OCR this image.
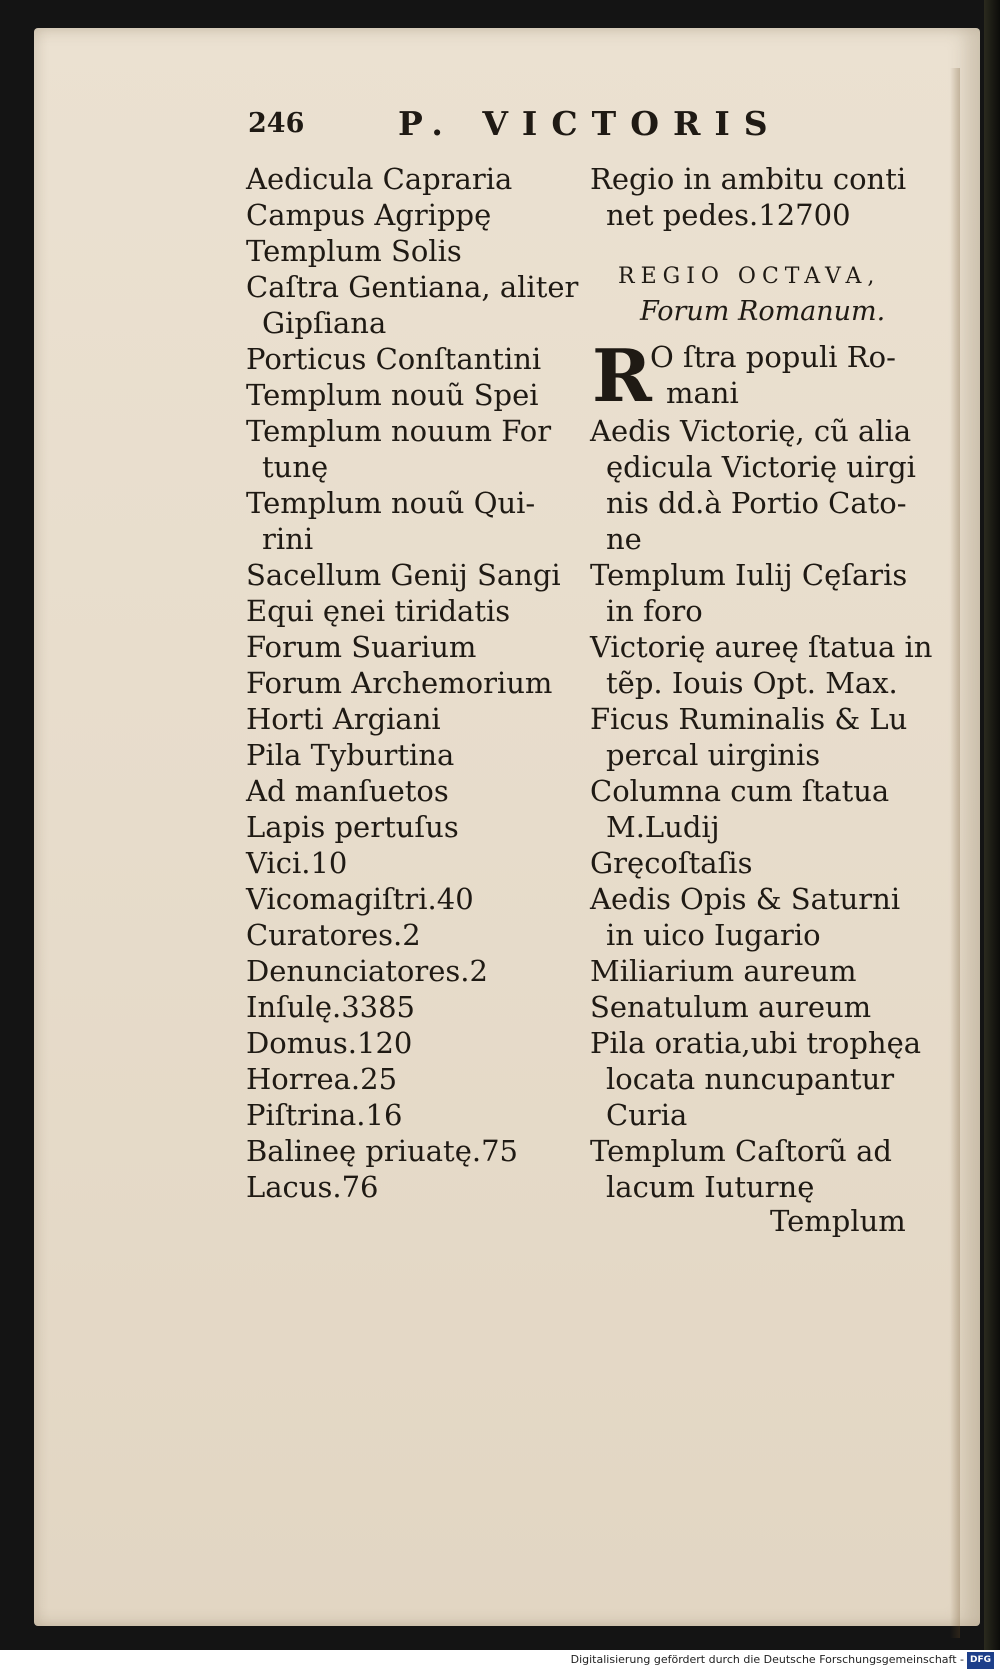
246	P. VICTORIS
Aedicula Capraria
Campus Agrippę
Templum Solis
Caſtra Gentiana, aliter
Gipſiana
Porticus Conſtantini
Templum nouũ Spei
Templum nouum For
tunę
Templum nouũ Qui-
rini
Sacellum Genij Sangi
Equi ęnei tiridatis
Forum Suarium
Forum Archemorium
Horti Argiani
Pila Tyburtina
Ad manſuetos
Lapis pertuſus
Vici.10
Vicomagiſtri.40
Curatores.2
Denunciatores.2
Inſulę.3385
Domus.120
Horrea.25
Piſtrina.16
Balineę priuatę.75
Lacus.76
Regio in ambitu conti
net pedes.12700
REGIO OCTAVA,
Forum Romanum.
R
O ſtra populi Ro-
mani
Aedis Victorię, cũ alia
ędicula Victorię uirgi
nis dd.à Portio Cato-
ne
Templum Iulij Cęſaris
in foro
Victorię aureę ſtatua in
tẽp. Iouis Opt. Max.
Ficus Ruminalis & Lu
percal uirginis
Columna cum ſtatua
M.Ludij
Gręcoſtaſis
Aedis Opis & Saturni
in uico Iugario
Miliarium aureum
Senatulum aureum
Pila oratia,ubi trophęa
locata nuncupantur
Curia
Templum Caſtorũ ad
lacum Iuturnę
Templum
Digitalisierung gefördert durch die Deutsche Forschungsgemeinschaft - DFG
